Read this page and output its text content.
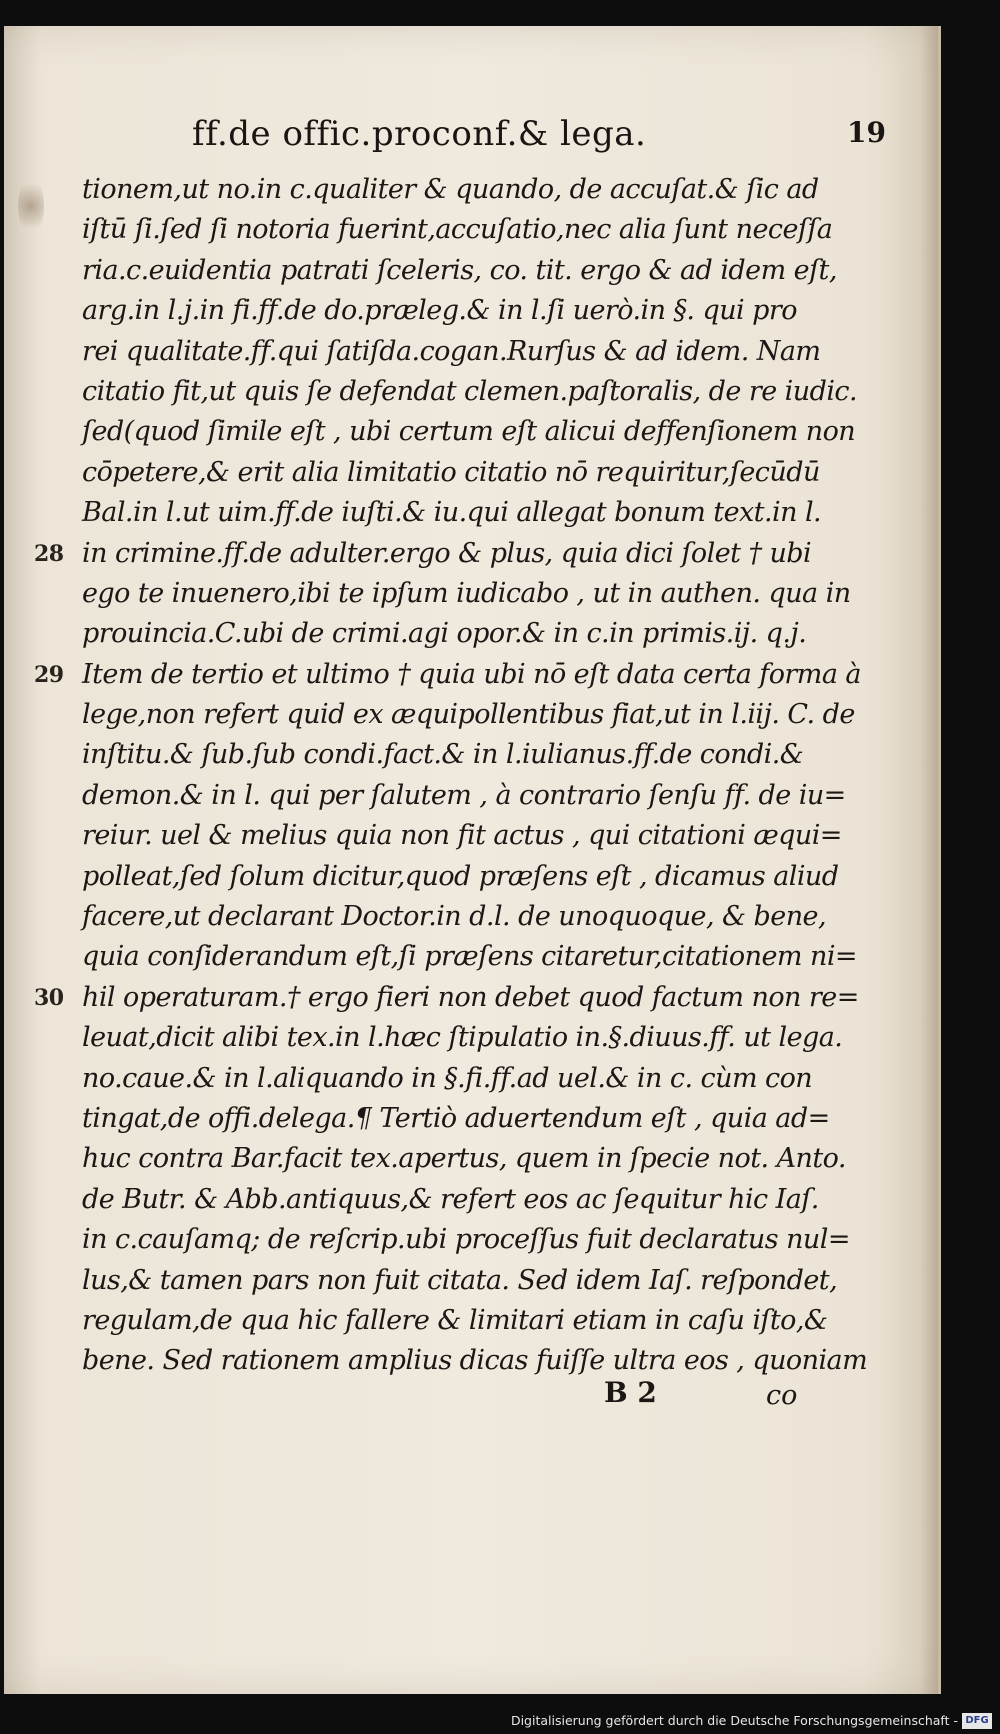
ff.de offic.proconf.& lega.	19
tionem,ut no.in c.qualiter & quando, de accuſat.& ſic ad
iſtū ſi.ſed ſi notoria fuerint,accuſatio,nec alia ſunt neceſſa
ria.c.euidentia patrati ſceleris, co. tit. ergo & ad idem eſt,
arg.in l.j.in fi.ff.de do.præleg.& in l.ſi uerò.in §. qui pro
rei qualitate.ff.qui ſatiſda.cogan.Rurſus & ad idem. Nam
citatio fit,ut quis ſe defendat clemen.paſtoralis, de re iudic.
ſed(quod ſimile eſt , ubi certum eſt alicui deffenſionem non
cōpetere,& erit alia limitatio citatio nō requiritur,ſecūdū
Bal.in l.ut uim.ff.de iuſti.& iu.qui allegat bonum text.in l.
28 in crimine.ff.de adulter.ergo & plus, quia dici ſolet † ubi
ego te inuenero,ibi te ipſum iudicabo , ut in authen. qua in
prouincia.C.ubi de crimi.agi opor.& in c.in primis.ij. q.j.
29 Item de tertio et ultimo † quia ubi nō eſt data certa forma à
lege,non refert quid ex æquipollentibus fiat,ut in l.iij. C. de
inſtitu.& ſub.ſub condi.fact.& in l.iulianus.ff.de condi.&
demon.& in l. qui per ſalutem , à contrario ſenſu ff. de iu=
reiur. uel & melius quia non fit actus , qui citationi æqui=
polleat,ſed ſolum dicitur,quod præſens eſt , dicamus aliud
facere,ut declarant Doctor.in d.l. de unoquoque, & bene,
quia conſiderandum eſt,ſi præſens citaretur,citationem ni=
30 hil operaturam.† ergo fieri non debet quod factum non re=
leuat,dicit alibi tex.in l.hæc ſtipulatio in.§.diuus.ff. ut lega.
no.caue.& in l.aliquando in §.fi.ff.ad uel.& in c. cùm con
tingat,de offi.delega.¶ Tertiò aduertendum eſt , quia ad=
huc contra Bar.facit tex.apertus, quem in ſpecie not. Anto.
de Butr. & Abb.antiquus,& refert eos ac ſequitur hic Iaſ.
in c.cauſamq; de reſcrip.ubi proceſſus fuit declaratus nul=
lus,& tamen pars non fuit citata. Sed idem Iaſ. reſpondet,
regulam,de qua hic fallere & limitari etiam in caſu iſto,&
bene. Sed rationem amplius dicas fuiſſe ultra eos , quoniam
B 2	co
Digitalisierung gefördert durch die Deutsche Forschungsgemeinschaft - DFG
